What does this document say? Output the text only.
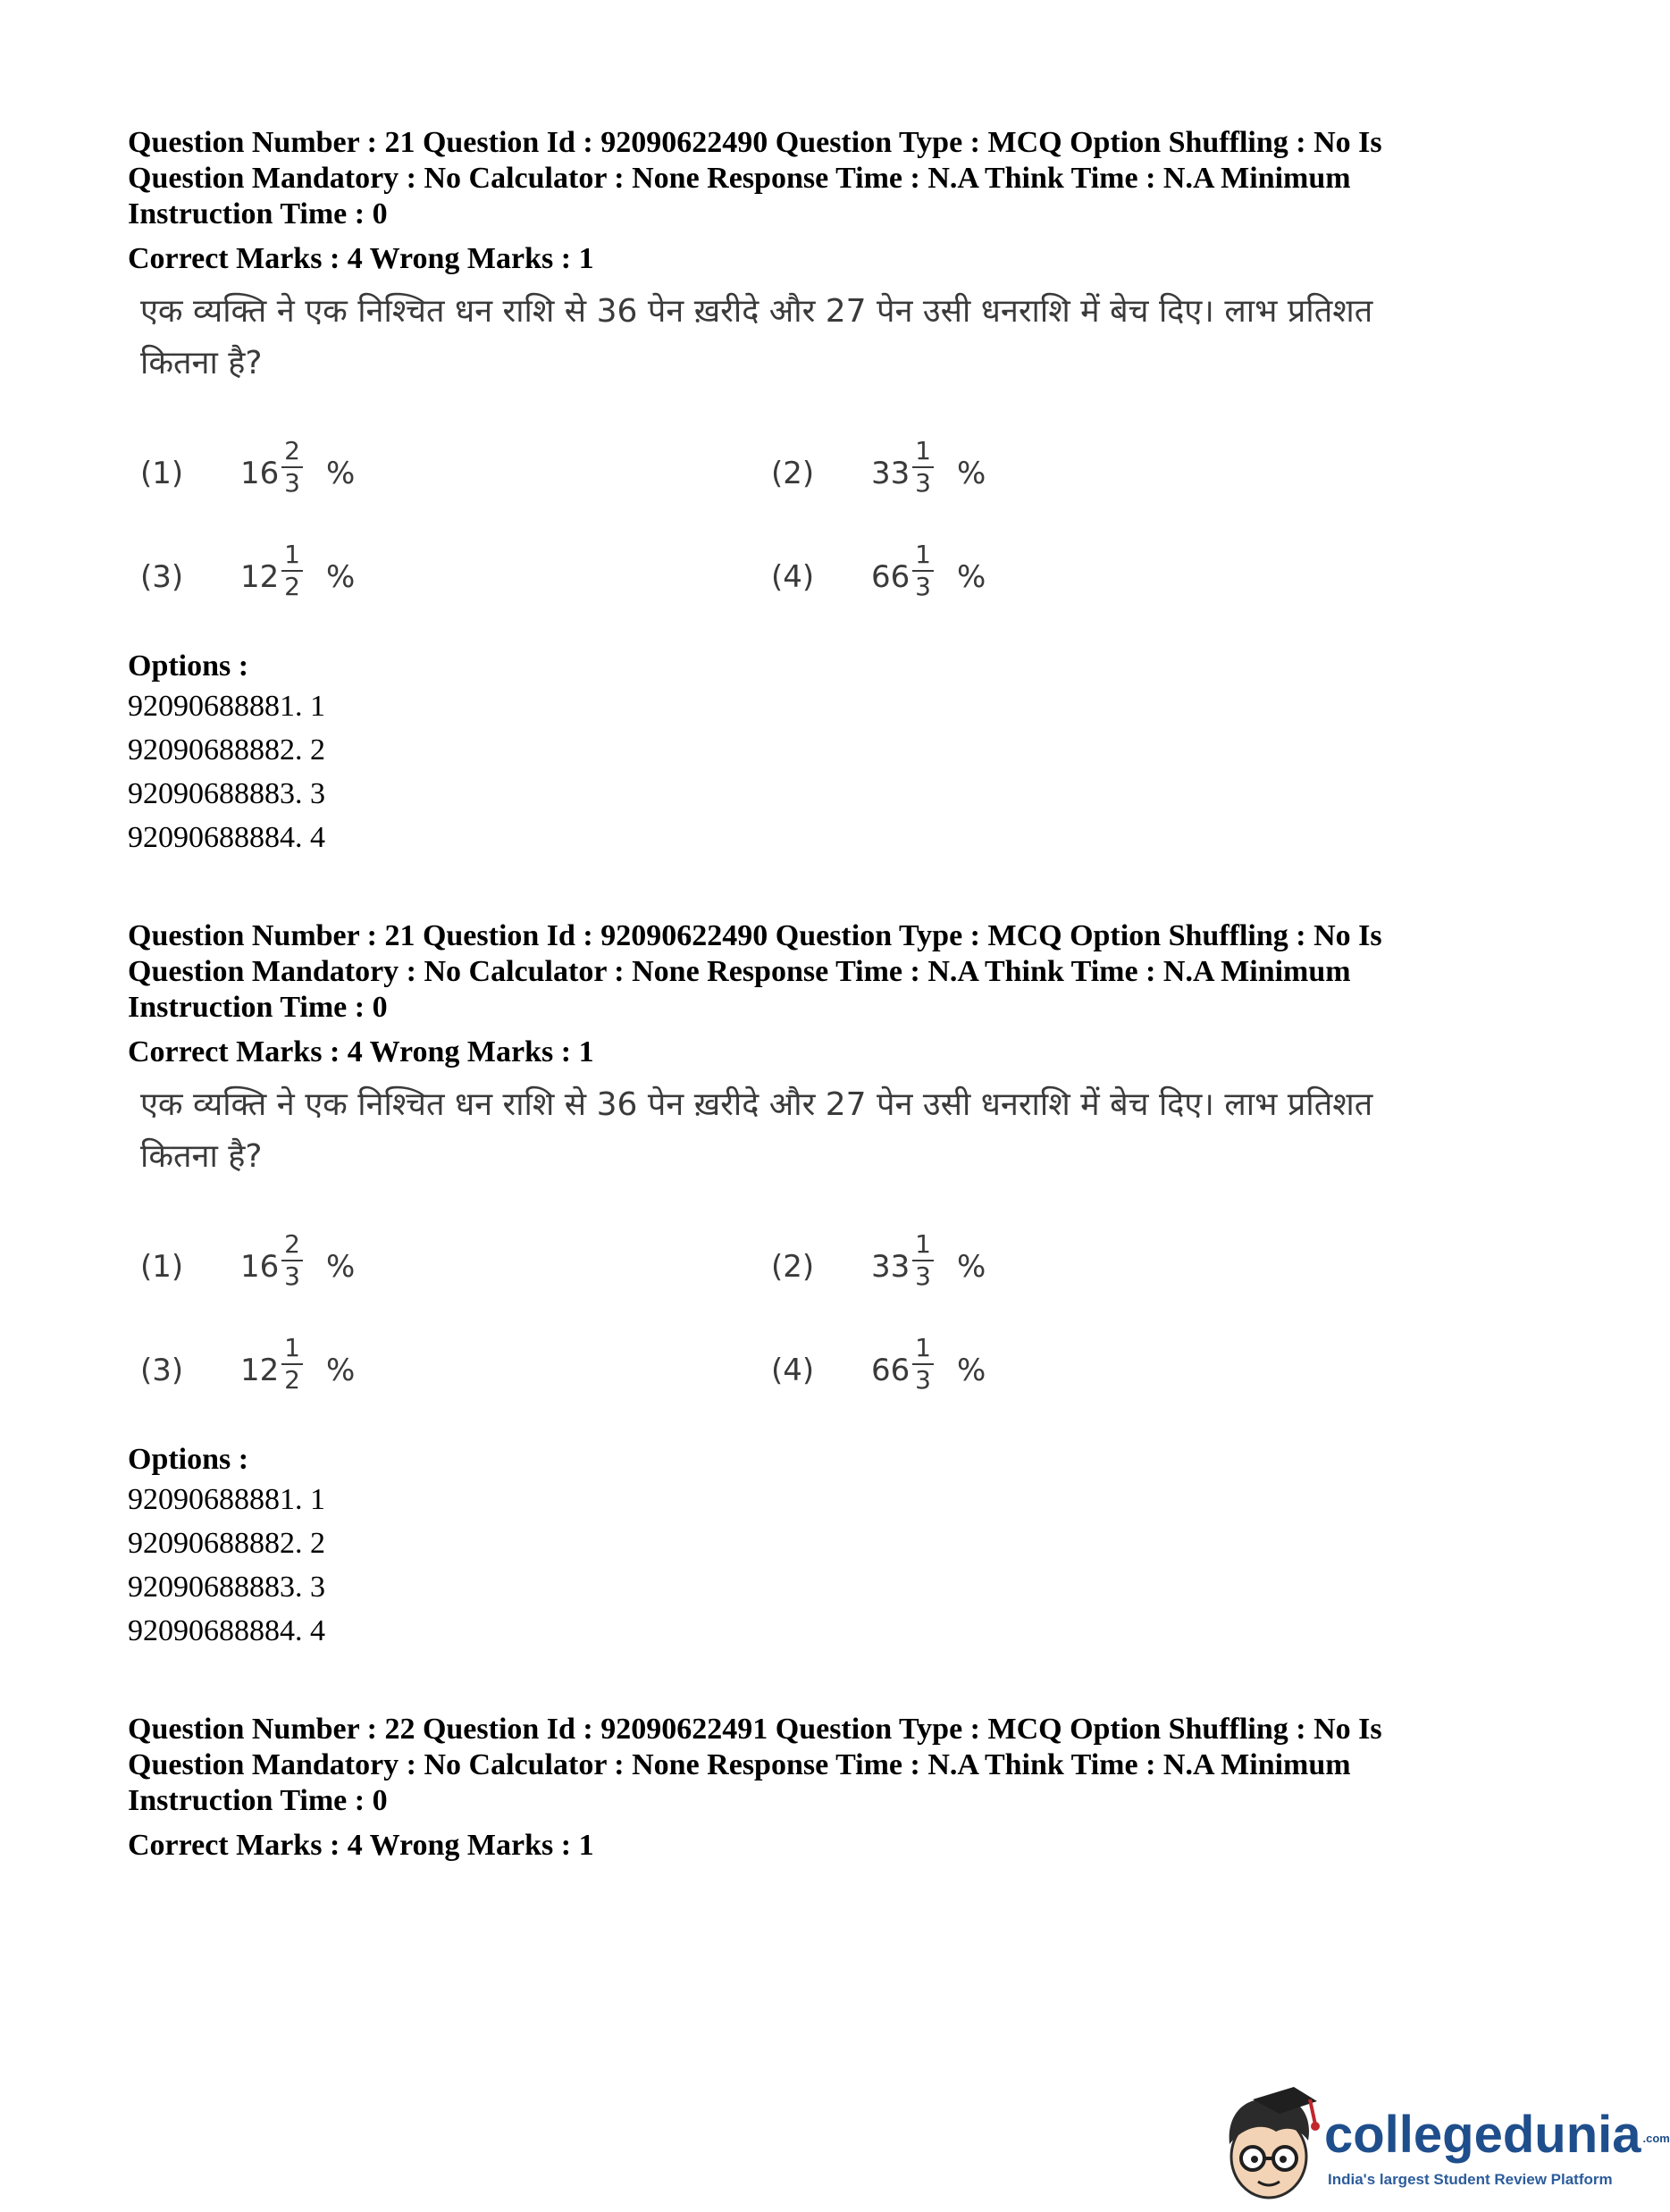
Question Number : 21 Question Id : 92090622490 Question Type : MCQ Option Shuffling : No Is
Question Mandatory : No Calculator : None Response Time : N.A Think Time : N.A Minimum
Instruction Time : 0
Correct Marks : 4 Wrong Marks : 1
एक व्यक्ति ने एक निश्चित धन राशि से 36 पेन ख़रीदे और 27 पेन उसी धनराशि में बेच दिए। लाभ प्रतिशत
कितना है?
(1) $16 \frac{2}{3}$ %	(2) $33 \frac{1}{3}$ %
(3) $12 \frac{1}{2}$ %	(4) $66 \frac{1}{3}$ %
Options :
92090688881. 1
92090688882. 2
92090688883. 3
92090688884. 4
Question Number : 21 Question Id : 92090622490 Question Type : MCQ Option Shuffling : No Is
Question Mandatory : No Calculator : None Response Time : N.A Think Time : N.A Minimum
Instruction Time : 0
Correct Marks : 4 Wrong Marks : 1
एक व्यक्ति ने एक निश्चित धन राशि से 36 पेन ख़रीदे और 27 पेन उसी धनराशि में बेच दिए। लाभ प्रतिशत
कितना है?
(1) $16 \frac{2}{3}$ %	(2) $33 \frac{1}{3}$ %
(3) $12 \frac{1}{2}$ %	(4) $66 \frac{1}{3}$ %
Options :
92090688881. 1
92090688882. 2
92090688883. 3
92090688884. 4
Question Number : 22 Question Id : 92090622491 Question Type : MCQ Option Shuffling : No Is
Question Mandatory : No Calculator : None Response Time : N.A Think Time : N.A Minimum
Instruction Time : 0
Correct Marks : 4 Wrong Marks : 1
collegedunia .com
India's largest Student Review Platform
